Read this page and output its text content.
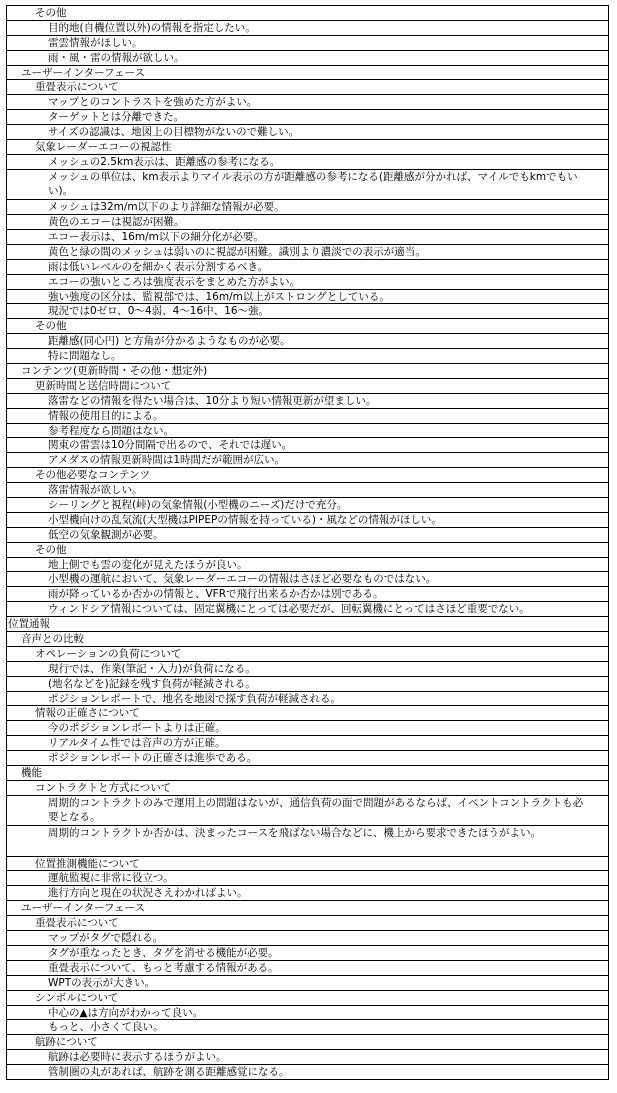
その他
目的地(自機位置以外)の情報を指定したい。
雷雲情報がほしい。
雨・風・雷の情報が欲しい。
ユーザーインターフェース
重畳表示について
マップとのコントラストを強めた方がよい。
ターゲットとは分離できた。
サイズの認識は、地図上の目標物がないので難しい。
気象レーダーエコーの視認性
メッシュの2.5km表示は、距離感の参考になる。
メッシュの単位は、km表示よりマイル表示の方が距離感の参考になる(距離感が分かれば、マイルでもkmでもいい)。
メッシュは32m/m以下のより詳細な情報が必要。
黄色のエコーは視認が困難。
エコー表示は、16m/m以下の細分化が必要。
黄色と緑の間のメッシュは弱いのに視認が困難。識別より濃淡での表示が適当。
雨は低いレベルのを細かく表示分割するべき。
エコーの強いところは強度表示をまとめた方がよい。
強い強度の区分は、監視部では、16m/m以上がストロングとしている。
現況では0ゼロ、0～4弱、4～16中、16～強。
その他
距離感(同心円) と方角が分かるようなものが必要。
特に問題なし。
コンテンツ(更新時間・その他・想定外)
更新時間と送信時間について
落雷などの情報を得たい場合は、10分より短い情報更新が望ましい。
情報の使用目的による。
参考程度なら問題はない。
関東の雷雲は10分間隔で出るので、それでは遅い。
アメダスの情報更新時間は1時間だが範囲が広い。
その他必要なコンテンツ
落雷情報が欲しい。
シーリングと視程(峠)の気象情報(小型機のニーズ)だけで充分。
小型機向けの乱気流(大型機はPIPEPの情報を持っている)・風などの情報がほしい。
低空の気象観測が必要。
その他
地上側でも雲の変化が見えたほうが良い。
小型機の運航において、気象レーダーエコーの情報はさほど必要なものではない。
雨が降っているか否かの情報と、VFRで飛行出来るか否かは別である。
ウィンドシア情報については、固定翼機にとっては必要だが、回転翼機にとってはさほど重要でない。
位置通報
音声との比較
オペレーションの負荷について
現行では、作業(筆記・入力)が負荷になる。
(地名などを)記録を残す負荷が軽減される。
ポジションレポートで、地名を地図で探す負荷が軽減される。
情報の正確さについて
今のポジションレポートよりは正確。
リアルタイム性では音声の方が正確。
ポジションレポートの正確さは進歩である。
機能
コントラクトと方式について
周期的コントラクトのみで運用上の問題はないが、通信負荷の面で問題があるならば、イベントコントラクトも必要となる。
周期的コントラクトか否かは、決まったコースを飛ばない場合などに、機上から要求できたほうがよい。
位置推測機能について
運航監視に非常に役立つ。
進行方向と現在の状況さえわかればよい。
ユーザーインターフェース
重畳表示について
マップがタグで隠れる。
タグが重なったとき、タグを消せる機能が必要。
重畳表示について、もっと考慮する情報がある。
WPTの表示が大きい。
シンボルについて
中心の▲は方向がわかって良い。
もっと、小さくて良い。
航跡について
航跡は必要時に表示するほうがよい。
管制圏の丸があれば、航跡を測る距離感覚になる。
